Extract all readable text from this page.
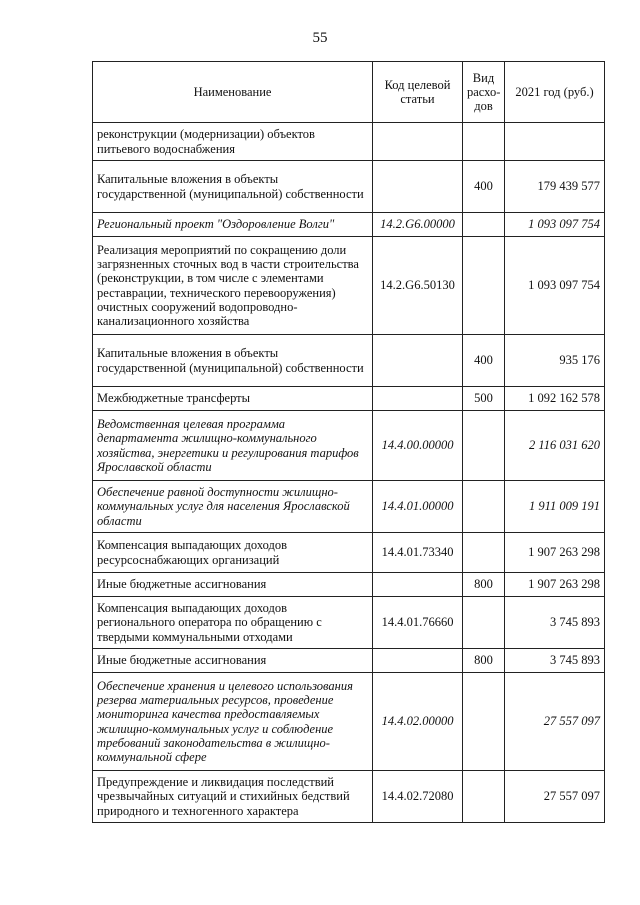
55
Наименование	Код целевой статьи	Вид расхо-дов	2021 год (руб.)
реконструкции (модернизации) объектов питьевого водоснабжения			
Капитальные вложения в объекты государственной (муниципальной) собственности		400	179 439 577
Региональный проект "Оздоровление Волги"	14.2.G6.00000		1 093 097 754
Реализация мероприятий по сокращению доли загрязненных сточных вод в части строительства (реконструкции, в том числе с элементами реставрации, технического перевооружения) очистных сооружений водопроводно-канализационного хозяйства	14.2.G6.50130		1 093 097 754
Капитальные вложения в объекты государственной (муниципальной) собственности		400	935 176
Межбюджетные трансферты		500	1 092 162 578
Ведомственная целевая программа департамента жилищно-коммунального хозяйства, энергетики и регулирования тарифов Ярославской области	14.4.00.00000		2 116 031 620
Обеспечение равной доступности жилищно-коммунальных услуг для населения Ярославской области	14.4.01.00000		1 911 009 191
Компенсация выпадающих доходов ресурсоснабжающих организаций	14.4.01.73340		1 907 263 298
Иные бюджетные ассигнования		800	1 907 263 298
Компенсация выпадающих доходов регионального оператора по обращению с твердыми коммунальными отходами	14.4.01.76660		3 745 893
Иные бюджетные ассигнования		800	3 745 893
Обеспечение хранения и целевого использования резерва материальных ресурсов, проведение мониторинга качества предоставляемых жилищно-коммунальных услуг и соблюдение требований законодательства в жилищно-коммунальной сфере	14.4.02.00000		27 557 097
Предупреждение и ликвидация последствий чрезвычайных ситуаций и стихийных бедствий природного и техногенного характера	14.4.02.72080		27 557 097
